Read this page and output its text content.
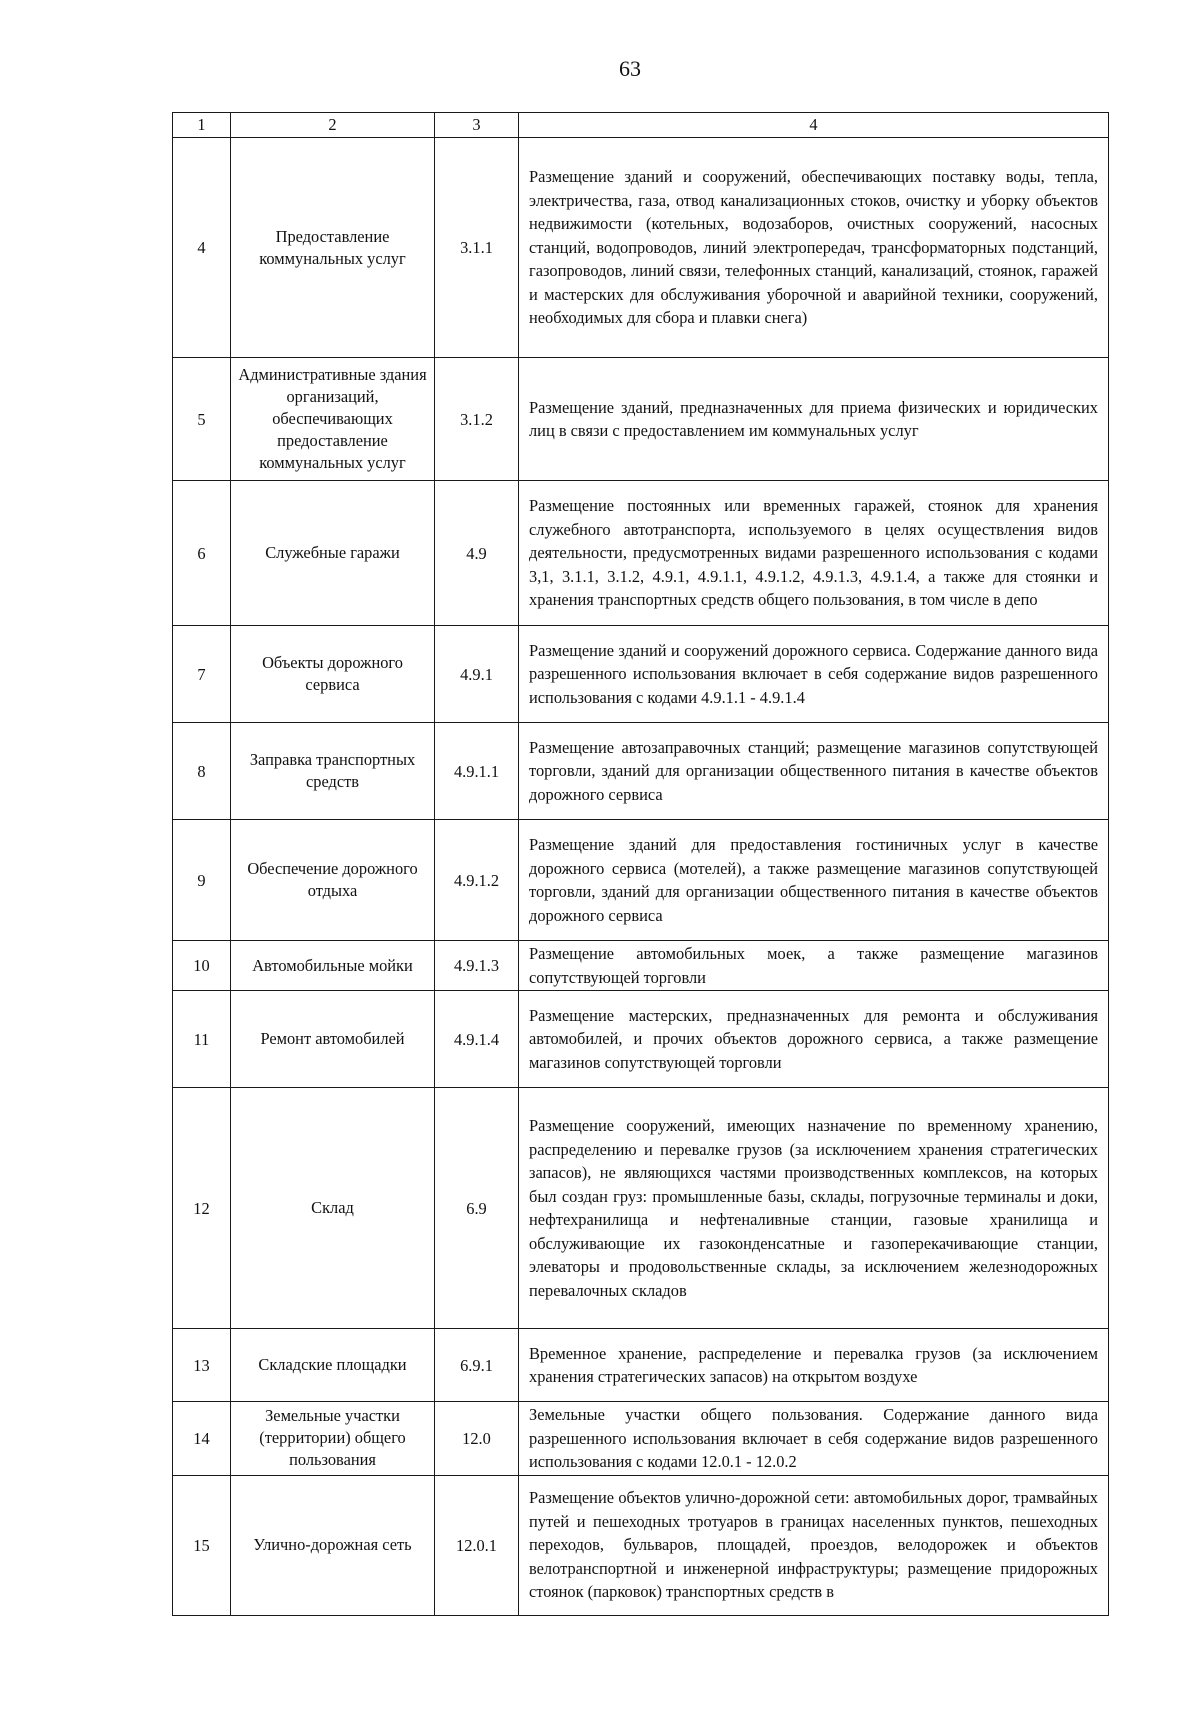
63
1	2	3	4
4	Предоставление коммунальных услуг	3.1.1	Размещение зданий и сооружений, обеспечивающих поставку воды, тепла, электричества, газа, отвод канализационных стоков, очистку и уборку объектов недвижимости (котельных, водозаборов, очистных сооружений, насосных станций, водопроводов, линий электропередач, трансформаторных подстанций, газопроводов, линий связи, телефонных станций, канализаций, стоянок, гаражей и мастерских для обслуживания уборочной и аварийной техники, сооружений, необходимых для сбора и плавки снега)
5	Административные здания организаций, обеспечивающих предоставление коммунальных услуг	3.1.2	Размещение зданий, предназначенных для приема физических и юридических лиц в связи с предоставлением им коммунальных услуг
6	Служебные гаражи	4.9	Размещение постоянных или временных гаражей, стоянок для хранения служебного автотранспорта, используемого в целях осуществления видов деятельности, предусмотренных видами разрешенного использования с кодами 3,1, 3.1.1, 3.1.2, 4.9.1, 4.9.1.1, 4.9.1.2, 4.9.1.3, 4.9.1.4, а также для стоянки и хранения транспортных средств общего пользования, в том числе в депо
7	Объекты дорожного сервиса	4.9.1	Размещение зданий и сооружений дорожного сервиса. Содержание данного вида разрешенного использования включает в себя содержание видов разрешенного использования с кодами 4.9.1.1 - 4.9.1.4
8	Заправка транспортных средств	4.9.1.1	Размещение автозаправочных станций; размещение магазинов сопутствующей торговли, зданий для организации общественного питания в качестве объектов дорожного сервиса
9	Обеспечение дорожного отдыха	4.9.1.2	Размещение зданий для предоставления гостиничных услуг в качестве дорожного сервиса (мотелей), а также размещение магазинов сопутствующей торговли, зданий для организации общественного питания в качестве объектов дорожного сервиса
10	Автомобильные мойки	4.9.1.3	Размещение автомобильных моек, а также размещение магазинов сопутствующей торговли
11	Ремонт автомобилей	4.9.1.4	Размещение мастерских, предназначенных для ремонта и обслуживания автомобилей, и прочих объектов дорожного сервиса, а также размещение магазинов сопутствующей торговли
12	Склад	6.9	Размещение сооружений, имеющих назначение по временному хранению, распределению и перевалке грузов (за исключением хранения стратегических запасов), не являющихся частями производственных комплексов, на которых был создан груз: промышленные базы, склады, погрузочные терминалы и доки, нефтехранилища и нефтеналивные станции, газовые хранилища и обслуживающие их газоконденсатные и газоперекачивающие станции, элеваторы и продовольственные склады, за исключением железнодорожных перевалочных складов
13	Складские площадки	6.9.1	Временное хранение, распределение и перевалка грузов (за исключением хранения стратегических запасов) на открытом воздухе
14	Земельные участки (территории) общего пользования	12.0	Земельные участки общего пользования. Содержание данного вида разрешенного использования включает в себя содержание видов разрешенного использования с кодами 12.0.1 - 12.0.2
15	Улично-дорожная сеть	12.0.1	Размещение объектов улично-дорожной сети: автомобильных дорог, трамвайных путей и пешеходных тротуаров в границах населенных пунктов, пешеходных переходов, бульваров, площадей, проездов, велодорожек и объектов велотранспортной и инженерной инфраструктуры; размещение придорожных стоянок (парковок) транспортных средств в
